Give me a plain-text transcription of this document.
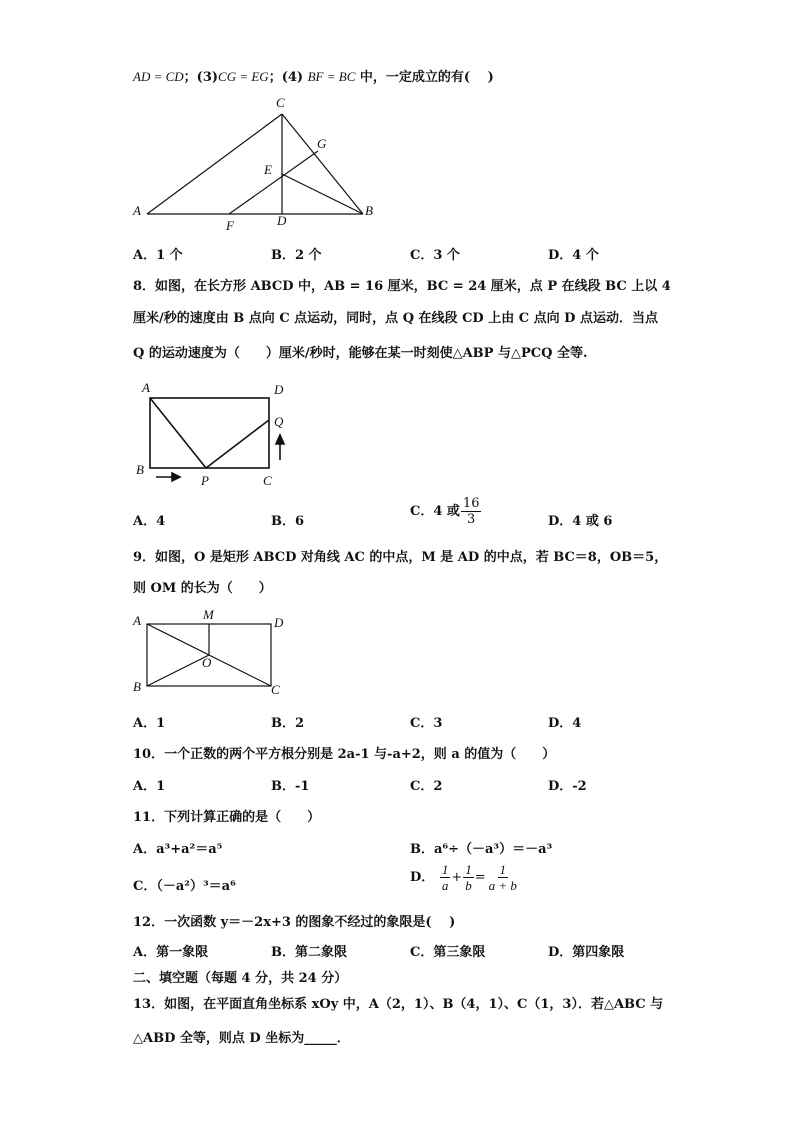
AD = CD；(3)CG = EG；(4) BF = BC 中，一定成立的有(　 )
C
G
E
A	B
F	D
A．1 个	B．2 个	C．3 个	D．4 个
8．如图，在长方形 ABCD 中，AB = 16 厘米，BC = 24 厘米，点 P 在线段 BC 上以 4
厘米/秒的速度由 B 点向 C 点运动，同时，点 Q 在线段 CD 上由 C 点向 D 点运动．当点
Q 的运动速度为（　　）厘米/秒时，能够在某一时刻使△ABP 与△PCQ 全等.
A	D
Q
B
P	C
A．4	B．6
C．4 或 $\frac{16}{3}$	D．4 或 6
9．如图，O 是矩形 ABCD 对角线 AC 的中点，M 是 AD 的中点，若 BC＝8，OB＝5，
则 OM 的长为（　　）
A	M
D
O
B	C
A．1	B．2	C．3	D．4
10．一个正数的两个平方根分别是 2a-1 与-a+2，则 a 的值为（　　）
A．1	B．-1	C．2	D．-2
11．下列计算正确的是（　　）
A．a³+a²＝a⁵	B．a⁶÷（－a³）＝－a³
C．（－a²）³＝a⁶
D． $\frac{1}{a} + \frac{1}{b} = \frac{1}{a + b}$
12．一次函数 y＝－2x+3 的图象不经过的象限是(　 )
A．第一象限	B．第二象限	C．第三象限	D．第四象限
二、填空题（每题 4 分，共 24 分）
13．如图，在平面直角坐标系 xOy 中，A（2，1）、B（4，1）、C（1，3）．若△ABC 与
△ABD 全等，则点 D 坐标为_____．
